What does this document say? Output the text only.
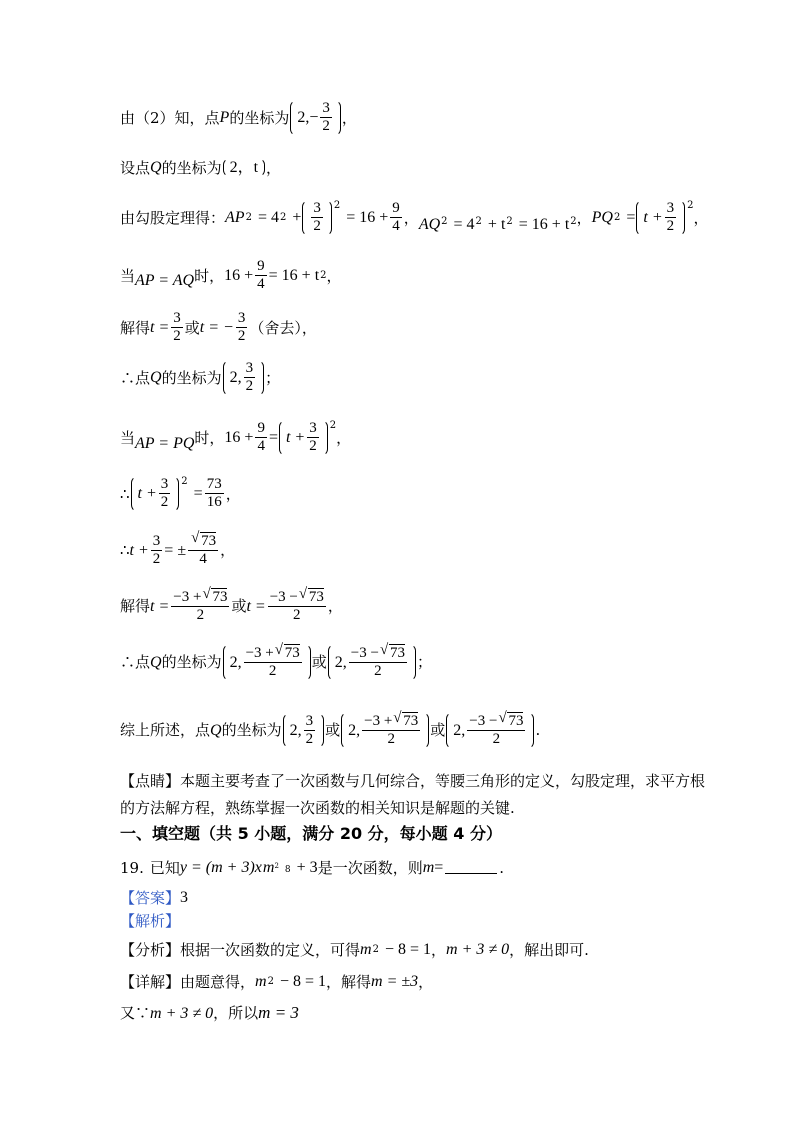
由（2）知，点 P 的坐标为 2, − $\frac{3}{2}$ ，
设点 Q 的坐标为 2，t ，
由勾股定理得： AP 2 = 4 $2 + \frac{3}{2} ^2$
= $16 + \frac{9}{4}$ ， $AQ^2 = 4^2 + t^2 = 16 + t^2$ ， PQ $2 = t + \frac{3}{2} ^2$
，
当 AP = AQ 时， $16 + \frac{9}{4} = 16 + t$ 2 ，
解得 $t = \frac{3}{2}$ 或 t = − $\frac{3}{2}$ （舍去），
∴点 Q 的坐标为 2, $\frac{3}{2}$ ；
当 AP = PQ 时， $16 + \frac{9}{4} = t + \frac{3}{2} ^2$
，
∴ $t + \frac{3}{2} ^2$
= $\frac{73}{16}$ ，
∴ $t + \frac{3}{2}$ = ± √ $\frac{73}{4}$ ，
解得 $t = \frac{-3 + √ 73}{2}$ 或 $t = \frac{-3 - √ 73}{2}$ ，
∴点 Q 的坐标为 2, $\frac{-3 + √ 73}{2}$ 或 2, $\frac{-3 - √ 73}{2}$ ；
综上所述，点 Q 的坐标为 2, $\frac{3}{2}$ 或 2, $\frac{-3 + √ 73}{2}$ 或 2, $\frac{-3 - √ 73}{2}$ .
【点睛】 本题主要考查了一次函数与几何综合，等腰三角形的定义，勾股定理，求平方根
的方法解方程，熟练掌握一次函数的相关知识是解题的关键.
一、填空题（共 5 小题，满分 20 分，每小题 4 分）
19. 已知 y = (m + 3)x $m^2$ 8 + 3 是一次函数，则 m =	.
【答案】 3
【解析】
【分析】 根据一次函数的定义，可得 m 2 − 8 = 1 ， m + 3 ≠ 0 ，解出即可.
【详解】 由题意得， m 2 − 8 = 1 ，解得 m = ±3 ，
又∵ m + 3 ≠ 0 ，所以 m = 3
